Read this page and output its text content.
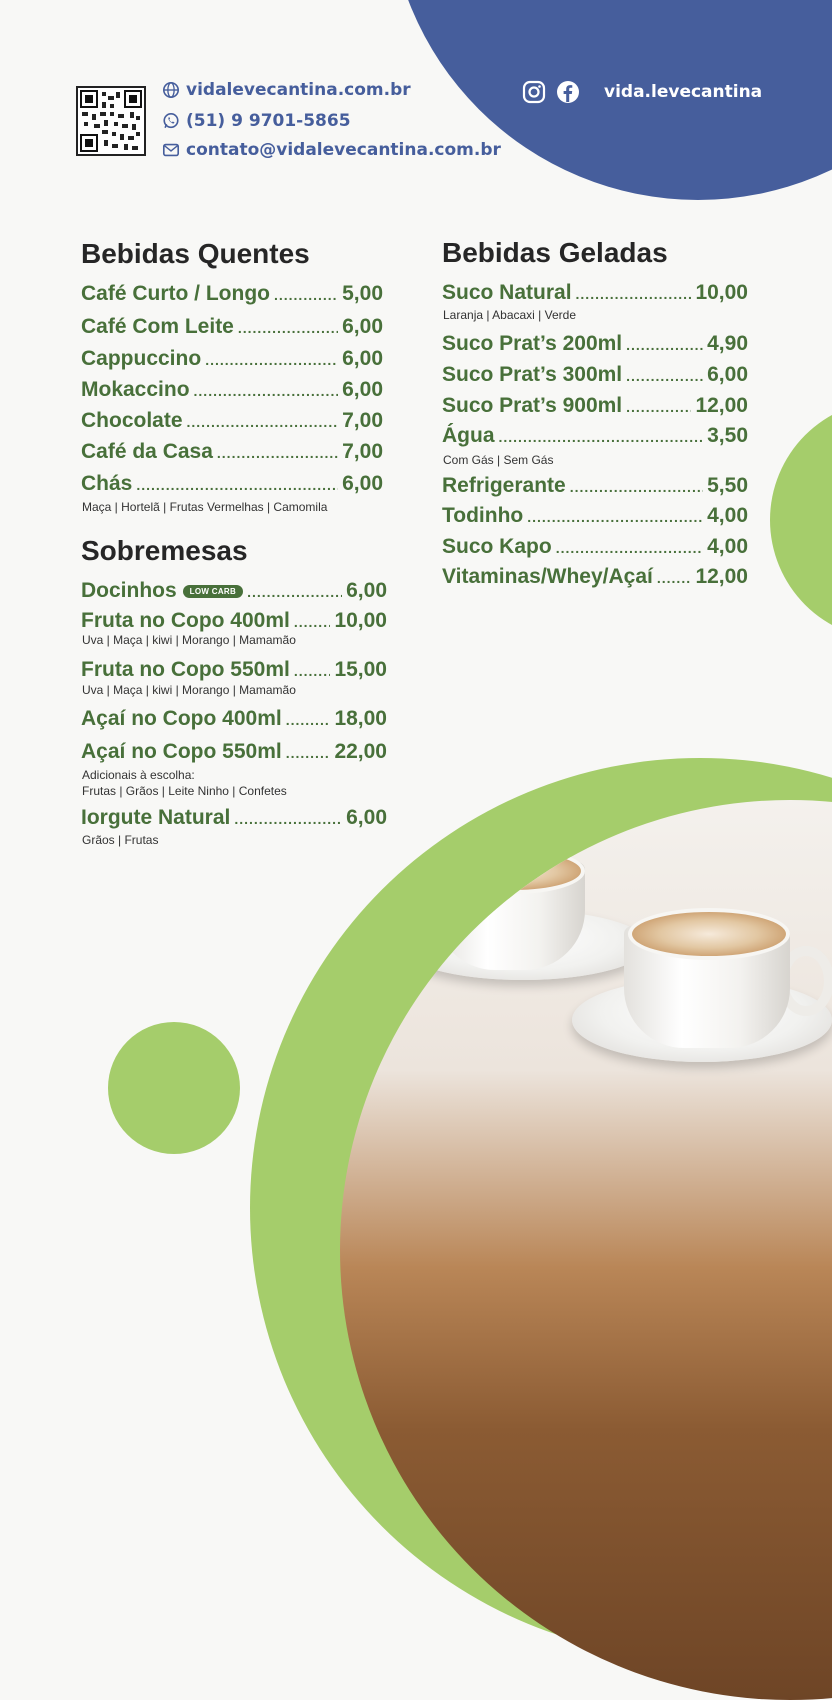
vidalevecantina.com.br
(51) 9 9701-5865
contato@vidalevecantina.com.br
vida.levecantina
Bebidas Quentes
Sobremesas
Bebidas Geladas
Café Curto / Longo .....	5,00
Café Com Leite .....	6,00
Cappuccino .....	6,00
Mokaccino .....	6,00
Chocolate .....	7,00
Café da Casa .....	7,00
Chás .....	6,00
Maça | Hortelã | Frutas Vermelhas | Camomila
Docinhos	LOW CARB .....	6,00
Fruta no Copo 400ml ..... 10,00
Uva | Maça | kiwi | Morango | Mamamão
Fruta no Copo 550ml ..... 15,00
Uva | Maça | kiwi | Morango | Mamamão
Açaí no Copo 400ml .....	18,00
Açaí no Copo 550ml .....	22,00
Adicionais à escolha:
Frutas | Grãos | Leite Ninho | Confetes
Iorgute Natural .....	6,00
Grãos | Frutas
Suco Natural .....	10,00
Laranja | Abacaxi | Verde
Suco Prat’s 200ml .....	4,90
Suco Prat’s 300ml .....	6,00
Suco Prat’s 900ml .....	12,00
Água .....	3,50
Com Gás | Sem Gás
Refrigerante .....	5,50
Todinho .....	4,00
Suco Kapo .....	4,00
Vitaminas/Whey/Açaí ..... 12,00
